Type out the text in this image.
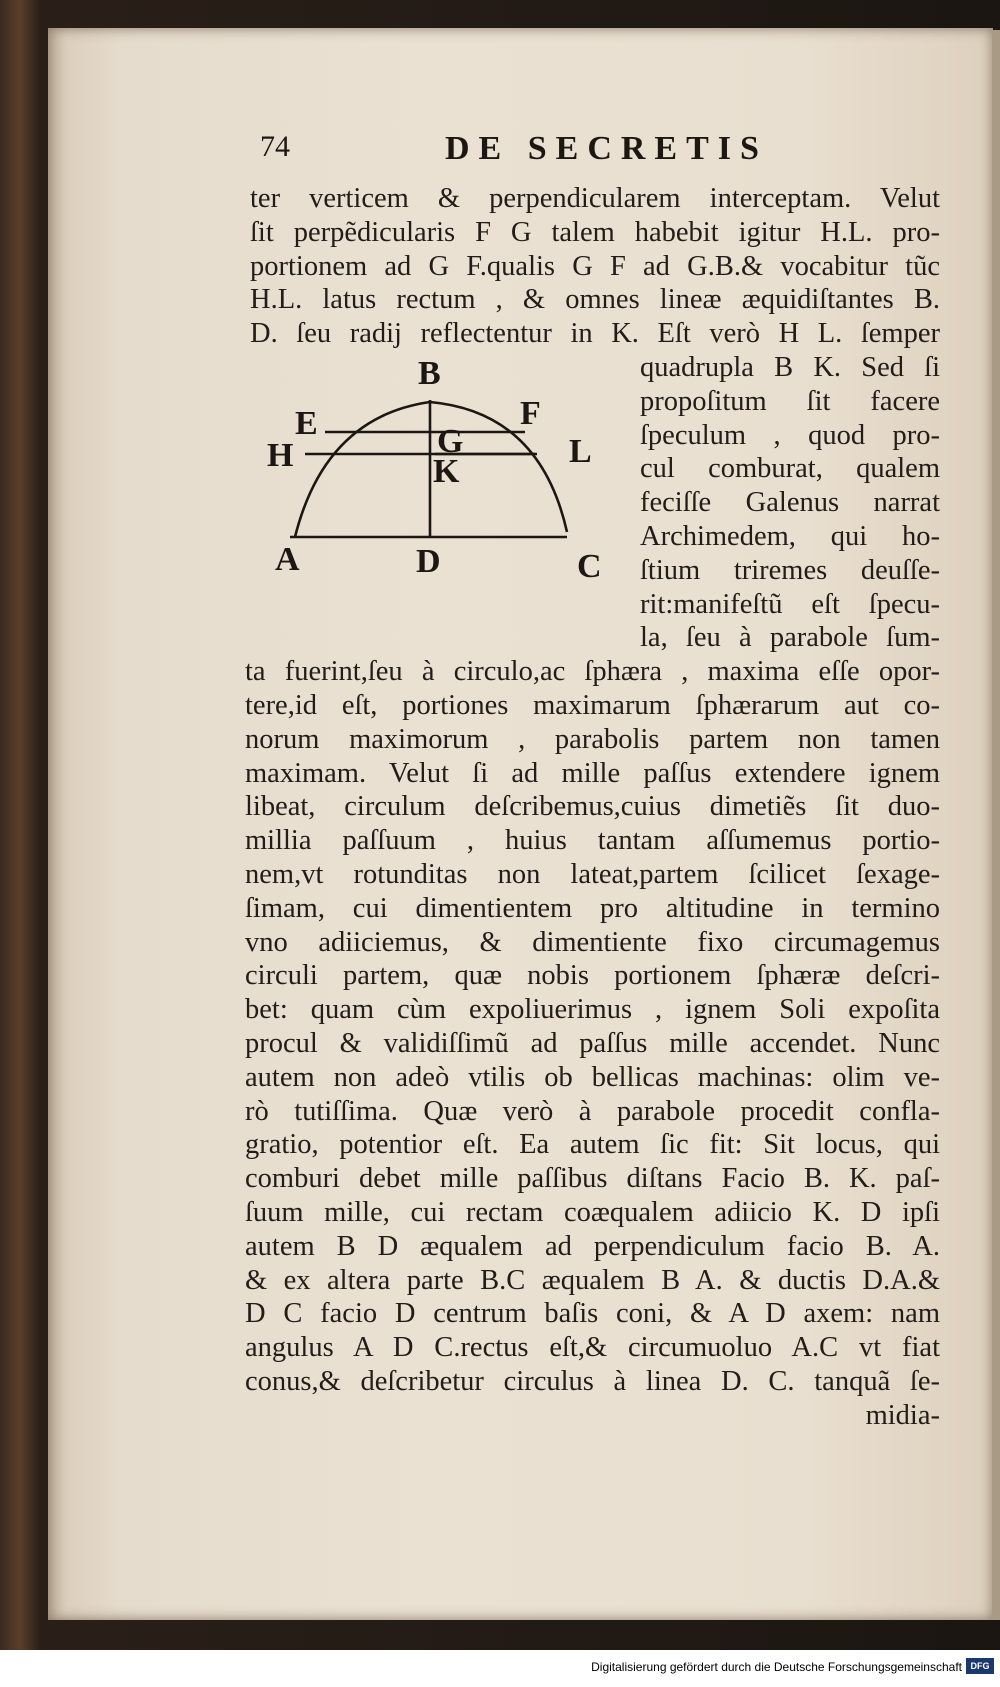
74	DE SECRETIS
ter verticem & perpendicularem interceptam. Velut
ſit perpẽdicularis F G talem habebit igitur H.L. pro-
portionem ad G F.qualis G F ad G.B.& vocabitur tũc
H.L. latus rectum , & omnes lineæ æquidiſtantes B.
D. ſeu radij reflectentur in K. Eſt verò H L. ſemper
quadrupla B K. Sed ſi
propoſitum ſit facere
ſpeculum , quod pro-
cul comburat, qualem
feciſſe Galenus narrat
Archimedem, qui ho-
ſtium triremes deuſſe-
rit:manifeſtũ eſt ſpecu-
la, ſeu à parabole ſum-
ta fuerint,ſeu à circulo,ac ſphæra , maxima eſſe opor-
tere,id eſt, portiones maximarum ſphærarum aut co-
norum maximorum , parabolis partem non tamen
maximam. Velut ſi ad mille paſſus extendere ignem
libeat, circulum deſcribemus,cuius dimetiẽs ſit duo-
millia paſſuum , huius tantam aſſumemus portio-
nem,vt rotunditas non lateat,partem ſcilicet ſexage-
ſimam, cui dimentientem pro altitudine in termino
vno adiiciemus, & dimentiente fixo circumagemus
circuli partem, quæ nobis portionem ſphæræ deſcri-
bet: quam cùm expoliuerimus , ignem Soli expoſita
procul & validiſſimũ ad paſſus mille accendet. Nunc
autem non adeò vtilis ob bellicas machinas: olim ve-
rò tutiſſima. Quæ verò à parabole procedit confla-
gratio, potentior eſt. Ea autem ſic fit: Sit locus, qui
comburi debet mille paſſibus diſtans Facio B. K. paſ-
ſuum mille, cui rectam coæqualem adiicio K. D ipſi
autem B D æqualem ad perpendiculum facio B. A.
& ex altera parte B.C æqualem B A. & ductis D.A.&
D C facio D centrum baſis coni, & A D axem: nam
angulus A D C.rectus eſt,& circumuoluo A.C vt fiat
conus,& deſcribetur circulus à linea D. C. tanquã ſe-
midia-
B
E	F
H	G
K
L
A	D	C
Digitalisierung gefördert durch die Deutsche Forschungsgemeinschaft DFG
